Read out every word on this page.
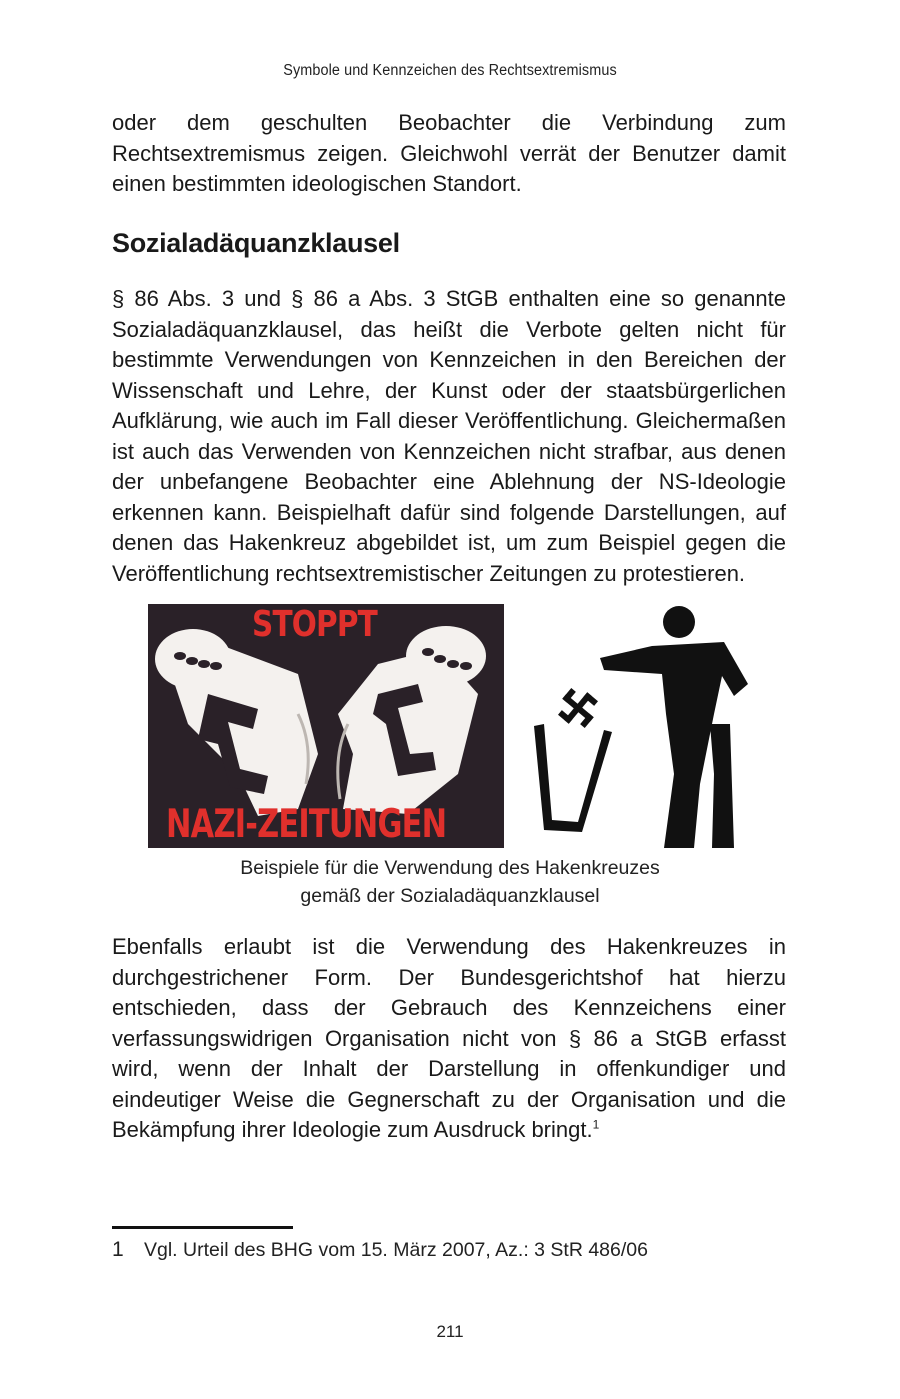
Symbole und Kennzeichen des Rechtsextremismus

oder dem geschulten Beobachter die Verbindung zum Rechtsextremismus zeigen. Gleichwohl verrät der Benutzer damit einen bestimmten ideologischen Standort.

Sozialadäquanzklausel

§ 86 Abs. 3 und § 86 a Abs. 3 StGB enthalten eine so genannte Sozialadäquanzklausel, das heißt die Verbote gelten nicht für bestimmte Verwendungen von Kennzeichen in den Bereichen der Wissenschaft und Lehre, der Kunst oder der staatsbürgerlichen Aufklärung, wie auch im Fall dieser Veröffentlichung. Gleichermaßen ist auch das Verwenden von Kennzeichen nicht strafbar, aus denen der unbefangene Beobachter eine Ablehnung der NS-Ideologie erkennen kann. Beispielhaft dafür sind folgende Darstellungen, auf denen das Hakenkreuz abgebildet ist, um zum Beispiel gegen die Veröffentlichung rechtsextremistischer Zeitungen zu protestieren.

STOPPT
NAZI-ZEITUNGEN
Beispiele für die Verwendung des Hakenkreuzes
gemäß der Sozialadäquanzklausel

Ebenfalls erlaubt ist die Verwendung des Hakenkreuzes in durchgestrichener Form. Der Bundesgerichtshof hat hierzu entschieden, dass der Gebrauch des Kennzeichens einer verfassungswidrigen Organisation nicht von § 86 a StGB erfasst wird, wenn der Inhalt der Darstellung in offenkundiger und eindeutiger Weise die Gegnerschaft zu der Organisation und die Bekämpfung ihrer Ideologie zum Ausdruck bringt.$^1$

1 Vgl. Urteil des BHG vom 15. März 2007, Az.: 3 StR 486/06
211
